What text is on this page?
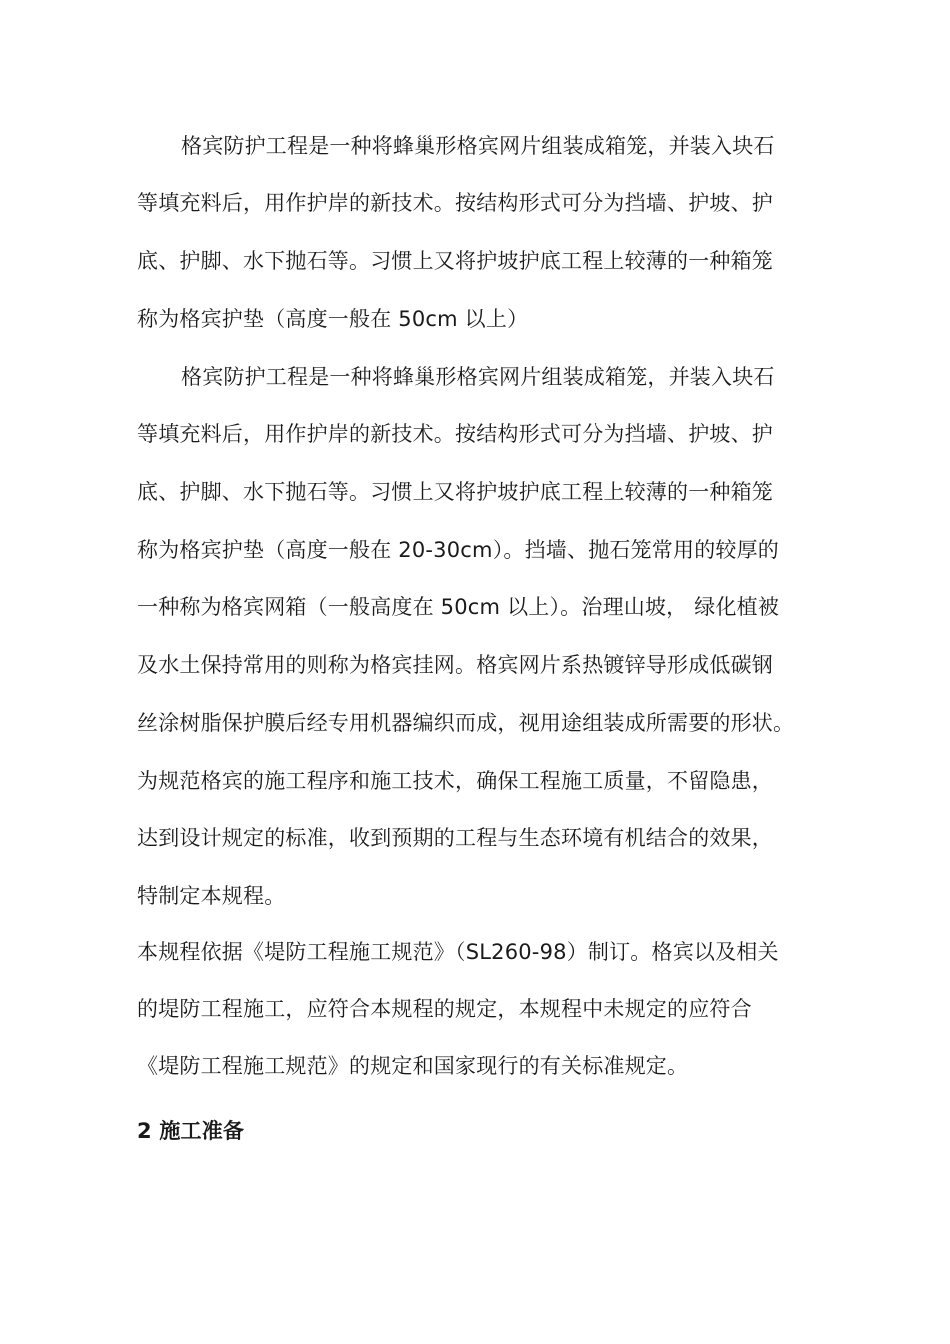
格宾防护工程是一种将蜂巢形格宾网片组装成箱笼，并装入块石
等填充料后，用作护岸的新技术。按结构形式可分为挡墙、护坡、护
底、护脚、水下抛石等。习惯上又将护坡护底工程上较薄的一种箱笼
称为格宾护垫（高度一般在 50cm 以上）
格宾防护工程是一种将蜂巢形格宾网片组装成箱笼，并装入块石
等填充料后，用作护岸的新技术。按结构形式可分为挡墙、护坡、护
底、护脚、水下抛石等。习惯上又将护坡护底工程上较薄的一种箱笼
称为格宾护垫（高度一般在 20-30cm）。挡墙、抛石笼常用的较厚的
一种称为格宾网箱（一般高度在 50cm 以上）。治理山坡， 绿化植被
及水土保持常用的则称为格宾挂网。格宾网片系热镀锌导形成低碳钢
丝涂树脂保护膜后经专用机器编织而成，视用途组装成所需要的形状。
为规范格宾的施工程序和施工技术，确保工程施工质量，不留隐患，
达到设计规定的标准，收到预期的工程与生态环境有机结合的效果，
特制定本规程。
本规程依据《堤防工程施工规范》（SL260-98）制订。格宾以及相关
的堤防工程施工，应符合本规程的规定，本规程中未规定的应符合
《堤防工程施工规范》的规定和国家现行的有关标准规定。
2 施工准备
